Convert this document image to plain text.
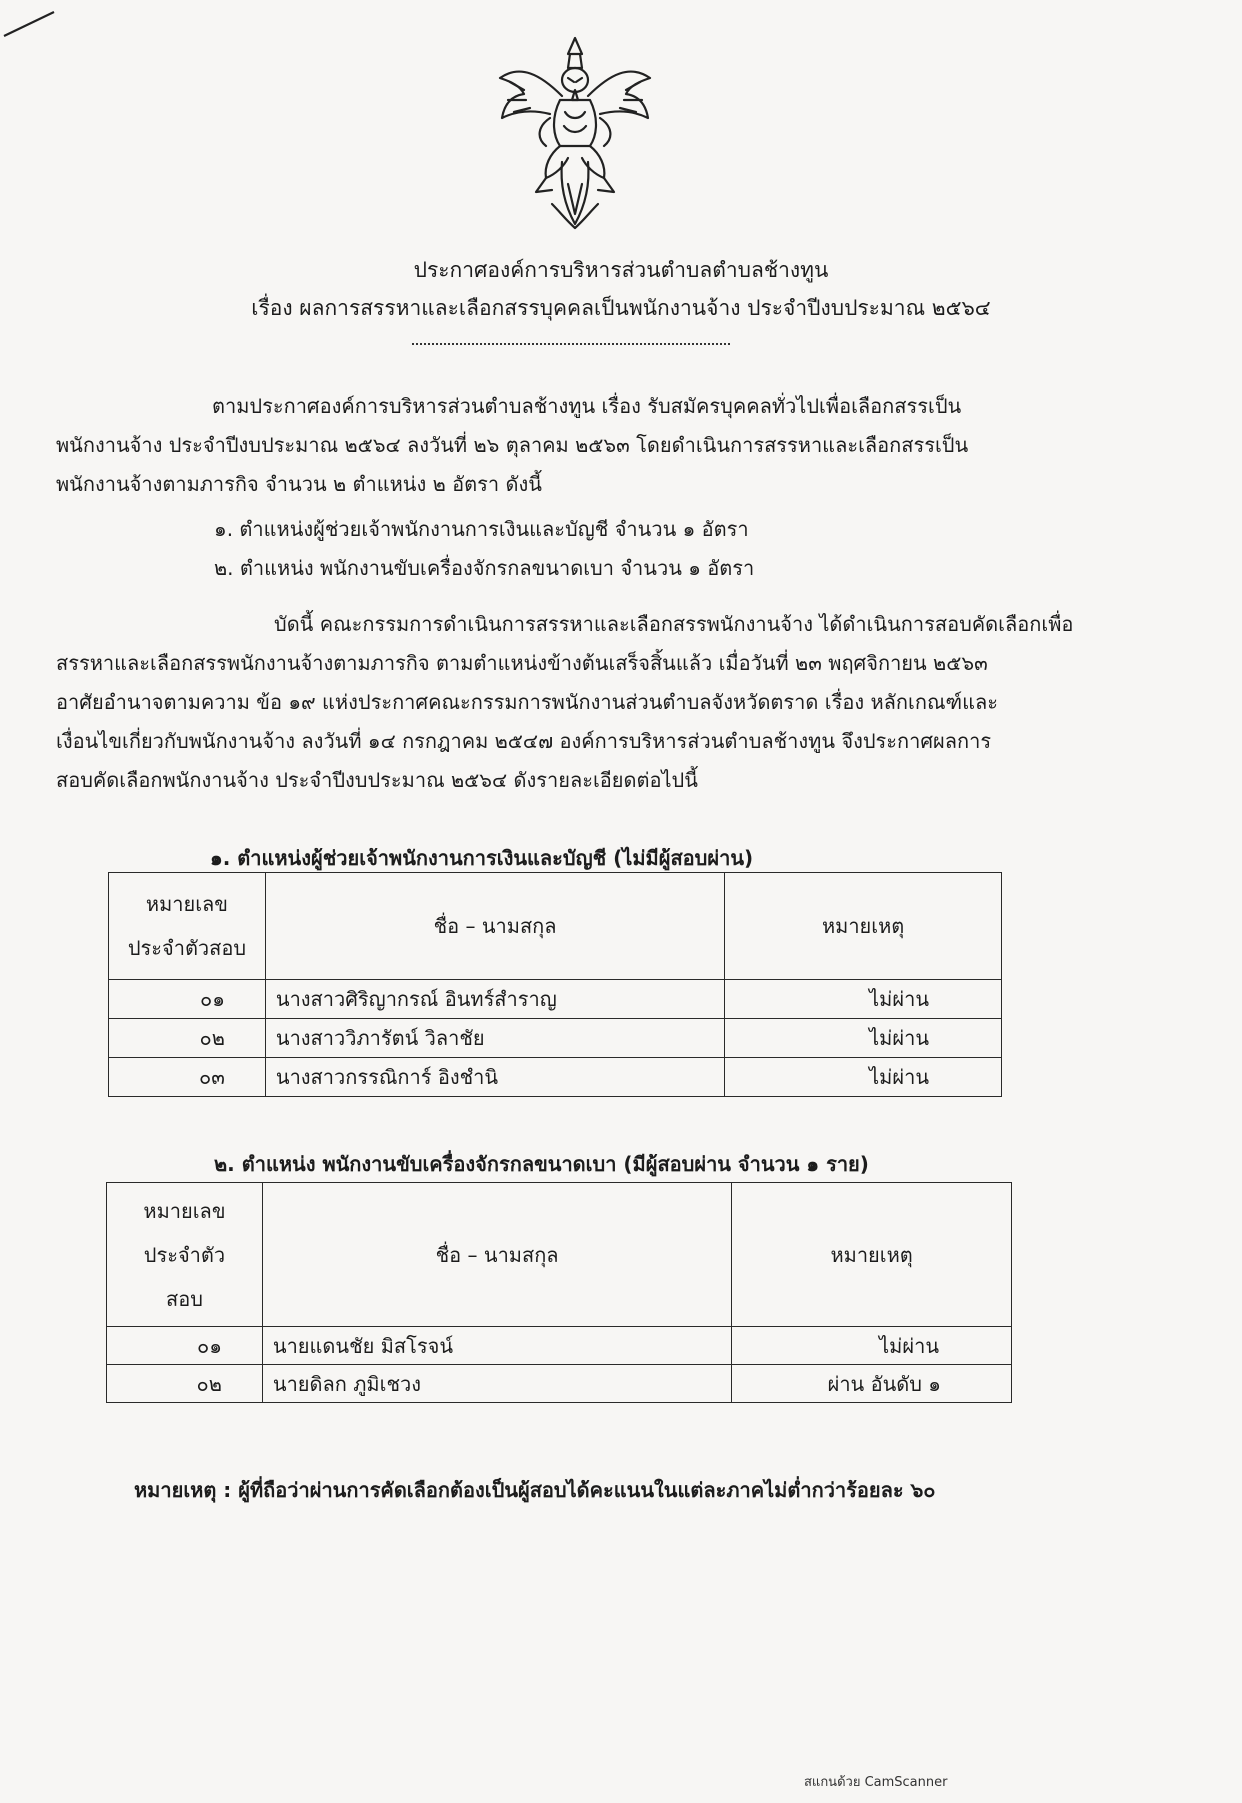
ประกาศองค์การบริหารส่วนตำบลตำบลช้างทูน
เรื่อง ผลการสรรหาและเลือกสรรบุคคลเป็นพนักงานจ้าง ประจำปีงบประมาณ ๒๕๖๔
ตามประกาศองค์การบริหารส่วนตำบลช้างทูน เรื่อง รับสมัครบุคคลทั่วไปเพื่อเลือกสรรเป็น
พนักงานจ้าง ประจำปีงบประมาณ ๒๕๖๔ ลงวันที่ ๒๖ ตุลาคม ๒๕๖๓ โดยดำเนินการสรรหาและเลือกสรรเป็น
พนักงานจ้างตามภารกิจ จำนวน ๒ ตำแหน่ง ๒ อัตรา ดังนี้
๑. ตำแหน่งผู้ช่วยเจ้าพนักงานการเงินและบัญชี จำนวน ๑ อัตรา
๒. ตำแหน่ง พนักงานขับเครื่องจักรกลขนาดเบา จำนวน ๑ อัตรา
บัดนี้ คณะกรรมการดำเนินการสรรหาและเลือกสรรพนักงานจ้าง ได้ดำเนินการสอบคัดเลือกเพื่อ
สรรหาและเลือกสรรพนักงานจ้างตามภารกิจ ตามตำแหน่งข้างต้นเสร็จสิ้นแล้ว เมื่อวันที่ ๒๓ พฤศจิกายน ๒๕๖๓
อาศัยอำนาจตามความ ข้อ ๑๙ แห่งประกาศคณะกรรมการพนักงานส่วนตำบลจังหวัดตราด เรื่อง หลักเกณฑ์และ
เงื่อนไขเกี่ยวกับพนักงานจ้าง ลงวันที่ ๑๔ กรกฎาคม ๒๕๔๗ องค์การบริหารส่วนตำบลช้างทูน จึงประกาศผลการ
สอบคัดเลือกพนักงานจ้าง ประจำปีงบประมาณ ๒๕๖๔ ดังรายละเอียดต่อไปนี้
๑. ตำแหน่งผู้ช่วยเจ้าพนักงานการเงินและบัญชี (ไม่มีผู้สอบผ่าน)
หมายเลข
ประจำตัวสอบ	ชื่อ – นามสกุล	หมายเหตุ
๐๑	นางสาวศิริญากรณ์ อินทร์สำราญ	ไม่ผ่าน
๐๒	นางสาววิภารัตน์ วิลาชัย	ไม่ผ่าน
๐๓	นางสาวกรรณิการ์ อิงชำนิ	ไม่ผ่าน
๒. ตำแหน่ง พนักงานขับเครื่องจักรกลขนาดเบา (มีผู้สอบผ่าน จำนวน ๑ ราย)
หมายเลข
ประจำตัว
สอบ	ชื่อ – นามสกุล	หมายเหตุ
๐๑	นายแดนชัย มิสโรจน์	ไม่ผ่าน
๐๒	นายดิลก ภูมิเชวง	ผ่าน อันดับ ๑
หมายเหตุ : ผู้ที่ถือว่าผ่านการคัดเลือกต้องเป็นผู้สอบได้คะแนนในแต่ละภาคไม่ต่ำกว่าร้อยละ ๖๐
สแกนด้วย CamScanner
